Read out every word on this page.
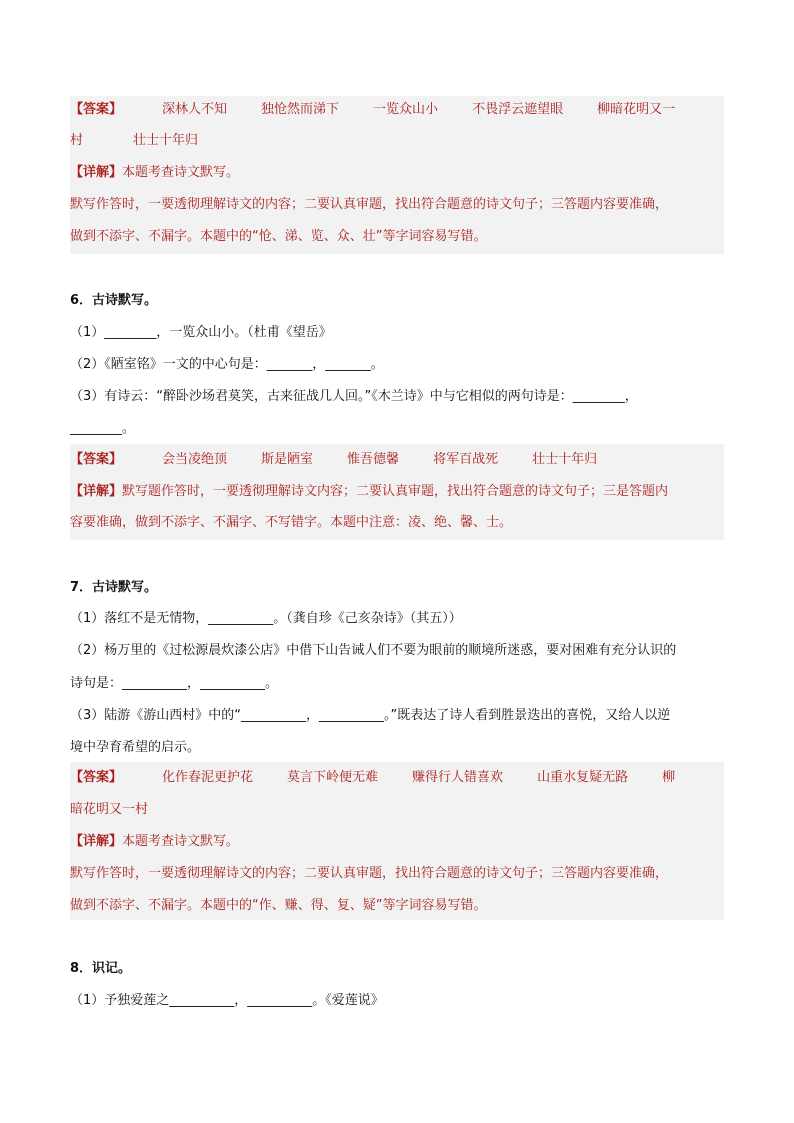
【答案】	深林人不知	独怆然而涕下	一览众山小	不畏浮云遮望眼	柳暗花明又一
村	壮士十年归
【详解】本题考查诗文默写。
默写作答时，一要透彻理解诗文的内容；二要认真审题，找出符合题意的诗文句子；三答题内容要准确，
做到不添字、不漏字。本题中的“怆、涕、览、众、壮”等字词容易写错。
6．古诗默写。
（1）________，一览众山小。（杜甫《望岳》
（2）《陋室铭》一文的中心句是：_______，_______。
（3）有诗云：“醉卧沙场君莫笑，古来征战几人回。”《木兰诗》中与它相似的两句诗是：________，
________。
【答案】	会当凌绝顶	斯是陋室	惟吾德馨	将军百战死	壮士十年归
【详解】默写题作答时，一要透彻理解诗文内容；二要认真审题，找出符合题意的诗文句子；三是答题内
容要准确，做到不添字、不漏字、不写错字。本题中注意：凌、绝、馨、士。
7．古诗默写。
（1）落红不是无情物，__________。（龚自珍《己亥杂诗》（其五））
（2）杨万里的《过松源晨炊漆公店》中借下山告诫人们不要为眼前的顺境所迷惑，要对困难有充分认识的
诗句是：__________，__________。
（3）陆游《游山西村》中的“__________，__________。”既表达了诗人看到胜景迭出的喜悦，又给人以逆
境中孕育希望的启示。
【答案】	化作春泥更护花	莫言下岭便无难	赚得行人错喜欢	山重水复疑无路	柳
暗花明又一村
【详解】本题考查诗文默写。
默写作答时，一要透彻理解诗文的内容；二要认真审题，找出符合题意的诗文句子；三答题内容要准确，
做到不添字、不漏字。本题中的“作、赚、得、复、疑”等字词容易写错。
8．识记。
（1）予独爱莲之__________，__________。《爱莲说》
